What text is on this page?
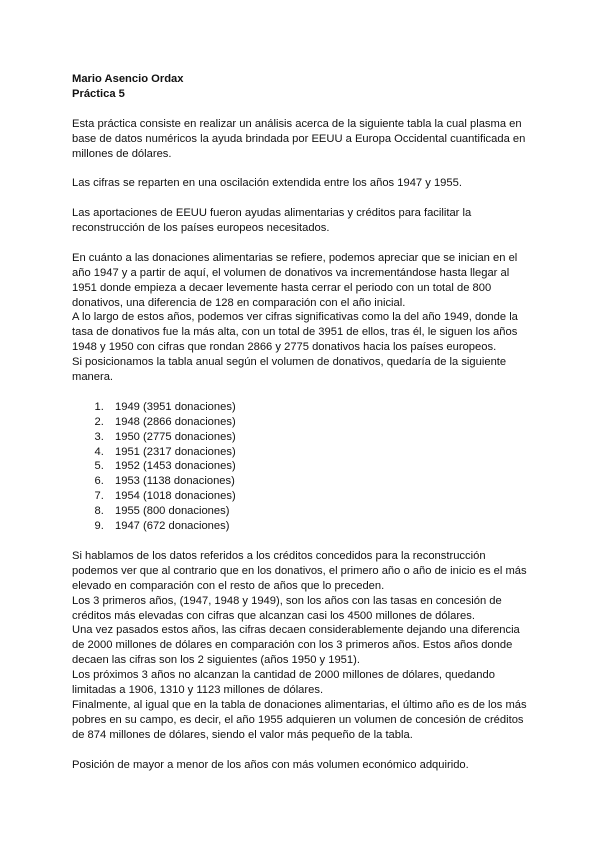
Mario Asencio Ordax

Práctica 5

Esta práctica consiste en realizar un análisis acerca de la siguiente tabla la cual plasma en base de datos numéricos la ayuda brindada por EEUU a Europa Occidental cuantificada en millones de dólares.

Las cifras se reparten en una oscilación extendida entre los años 1947 y 1955.

Las aportaciones de EEUU fueron ayudas alimentarias y créditos para facilitar la reconstrucción de los países europeos necesitados.

En cuánto a las donaciones alimentarias se refiere, podemos apreciar que se inician en el año 1947 y a partir de aquí, el volumen de donativos va incrementándose hasta llegar al 1951 donde empieza a decaer levemente hasta cerrar el periodo con un total de 800 donativos, una diferencia de 128 en comparación con el año inicial.

A lo largo de estos años, podemos ver cifras significativas como la del año 1949, donde la tasa de donativos fue la más alta, con un total de 3951 de ellos, tras él, le siguen los años 1948 y 1950 con cifras que rondan 2866 y 2775 donativos hacia los países europeos.

Si posicionamos la tabla anual según el volumen de donativos, quedaría de la siguiente manera.

1. 1949 (3951 donaciones)
2. 1948 (2866 donaciones)
3. 1950 (2775 donaciones)
4. 1951 (2317 donaciones)
5. 1952 (1453 donaciones)
6. 1953 (1138 donaciones)
7. 1954 (1018 donaciones)
8. 1955 (800 donaciones)
9. 1947 (672 donaciones)

Si hablamos de los datos referidos a los créditos concedidos para la reconstrucción podemos ver que al contrario que en los donativos, el primero año o año de inicio es el más elevado en comparación con el resto de años que lo preceden.

Los 3 primeros años, (1947, 1948 y 1949), son los años con las tasas en concesión de créditos más elevadas con cifras que alcanzan casi los 4500 millones de dólares.

Una vez pasados estos años, las cifras decaen considerablemente dejando una diferencia de 2000 millones de dólares en comparación con los 3 primeros años. Estos años donde decaen las cifras son los 2 siguientes (años 1950 y 1951).

Los próximos 3 años no alcanzan la cantidad de 2000 millones de dólares, quedando limitadas a 1906, 1310 y 1123 millones de dólares.

Finalmente, al igual que en la tabla de donaciones alimentarias, el último año es de los más pobres en su campo, es decir, el año 1955 adquieren un volumen de concesión de créditos de 874 millones de dólares, siendo el valor más pequeño de la tabla.

Posición de mayor a menor de los años con más volumen económico adquirido.
